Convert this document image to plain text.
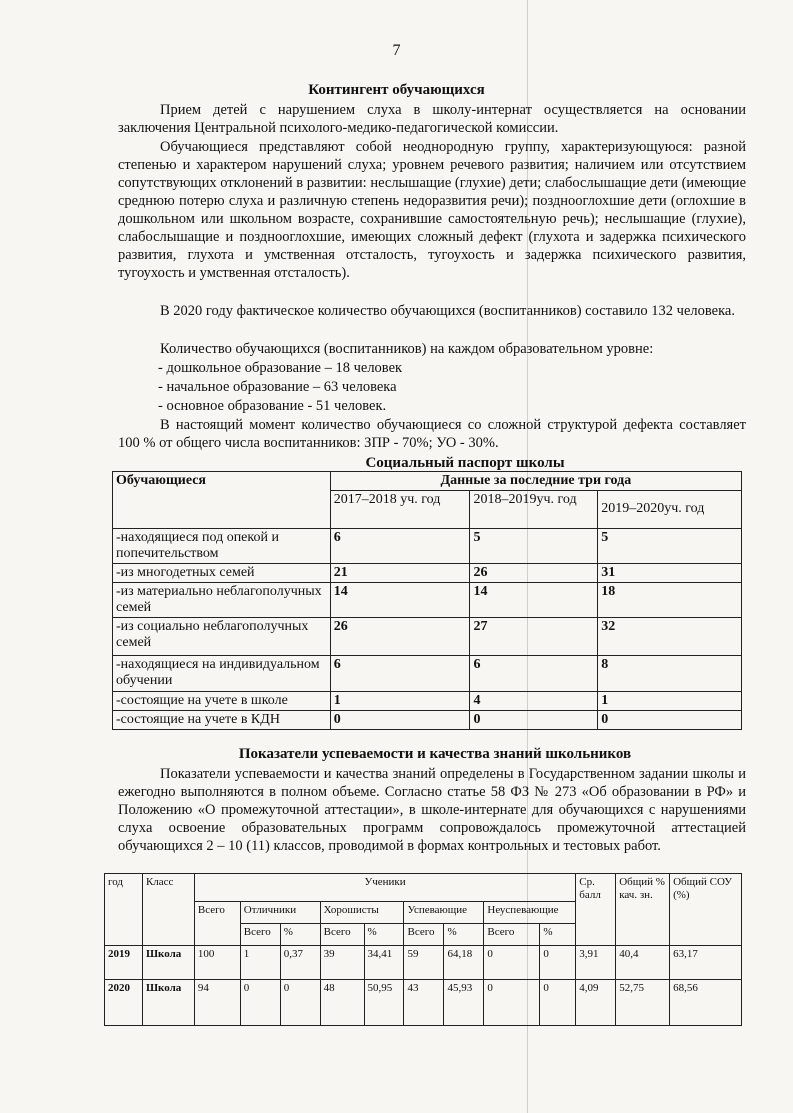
7
Контингент обучающихся
Прием детей с нарушением слуха в школу-интернат осуществляется на основании заключения Центральной психолого-медико-педагогической комиссии.
Обучающиеся представляют собой неоднородную группу, характеризующуюся: разной степенью и характером нарушений слуха; уровнем речевого развития; наличием или отсутствием сопутствующих отклонений в развитии: неслышащие (глухие) дети; слабослышащие дети (имеющие среднюю потерю слуха и различную степень недоразвития речи); позднооглохшие дети (оглохшие в дошкольном или школьном возрасте, сохранившие самостоятельную речь); неслышащие (глухие), слабослышащие и позднооглохшие, имеющих сложный дефект (глухота и задержка психического развития, глухота и умственная отсталость, тугоухость и задержка психического развития, тугоухость и умственная отсталость).
В 2020 году фактическое количество обучающихся (воспитанников) составило 132 человека.
Количество обучающихся (воспитанников) на каждом образовательном уровне:
- дошкольное образование – 18 человек
- начальное образование – 63 человека
- основное образование - 51 человек.
В настоящий момент количество обучающиеся со сложной структурой дефекта составляет 100 % от общего числа воспитанников: ЗПР - 70%; УО - 30%.
Социальный паспорт школы
Обучающиеся	Данные за последние три года		
	2017–2018 уч. год	2018–2019уч. год	2019–2020уч. год
-находящиеся под опекой и попечительством	6	5	5
-из многодетных семей	21	26	31
-из материально неблагополучных семей	14	14	18
-из социально неблагополучных семей	26	27	32
-находящиеся на индивидуальном обучении	6	6	8
-состоящие на учете в школе	1	4	1
-состоящие на учете в КДН	0	0	0
Показатели успеваемости и качества знаний школьников
Показатели успеваемости и качества знаний определены в Государственном задании школы и ежегодно выполняются в полном объеме. Согласно статье 58 ФЗ № 273 «Об образовании в РФ» и Положению «О промежуточной аттестации», в школе-интернате для обучающихся с нарушениями слуха освоение образовательных программ сопровождалось промежуточной аттестацией обучающихся 2 – 10 (11) классов, проводимой в формах контрольных и тестовых работ.
год	Класс	Ученики									Ср. балл	Общий % кач. зн.	Общий СОУ (%)
		Всего	Отличники		Хорошисты		Успевающие		Неуспевающие				
			Всего	%	Всего	%	Всего	%	Всего	%			
2019	Школа	100	1	0,37	39	34,41	59	64,18	0	0	3,91	40,4	63,17
2020	Школа	94	0	0	48	50,95	43	45,93	0	0	4,09	52,75	68,56
